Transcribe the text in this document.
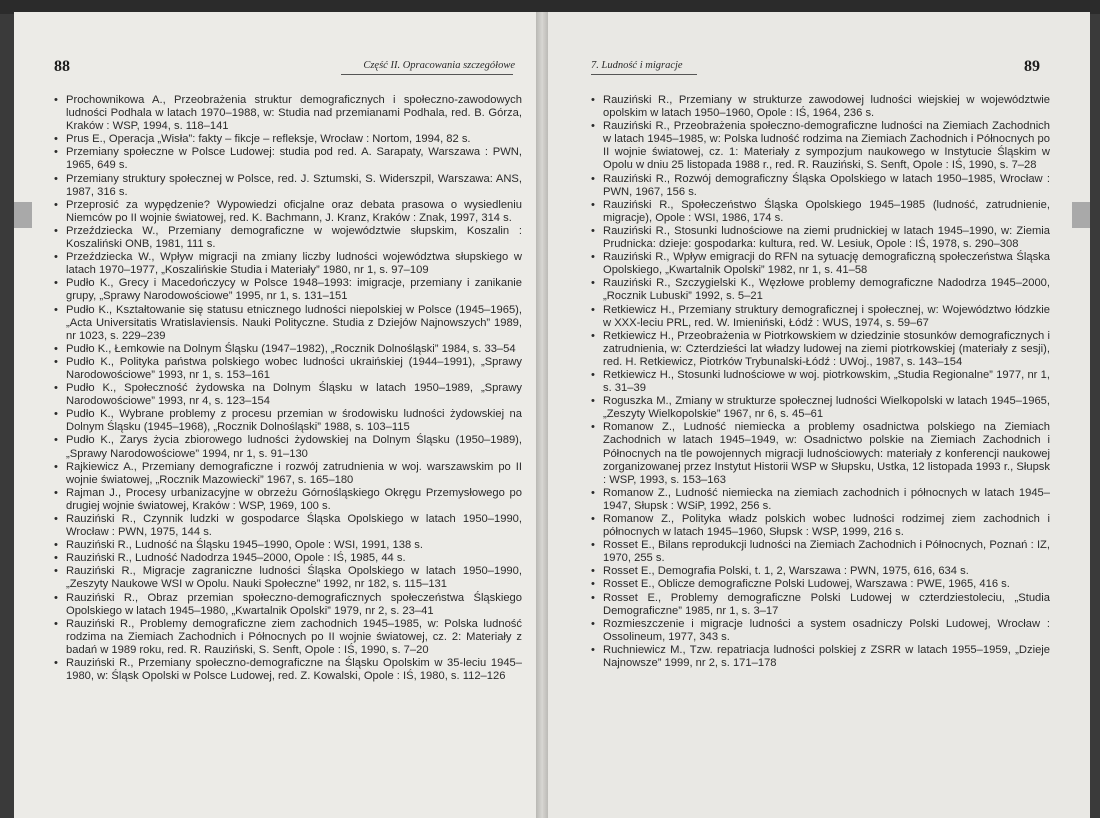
88	Część II. Opracowania szczegółowe
• Prochownikowa A., Przeobrażenia struktur demograficznych i społeczno-zawodowych ludności Podhala w latach 1970–1988, w: Studia nad przemianami Podhala, red. B. Górza, Kraków : WSP, 1994, s. 118–141
• Prus E., Operacja „Wisła”: fakty – fikcje – refleksje, Wrocław : Nortom, 1994, 82 s.
• Przemiany społeczne w Polsce Ludowej: studia pod red. A. Sarapaty, Warszawa : PWN, 1965, 649 s.
• Przemiany struktury społecznej w Polsce, red. J. Sztumski, S. Widerszpil, Warszawa: ANS, 1987, 316 s.
• Przeprosić za wypędzenie? Wypowiedzi oficjalne oraz debata prasowa o wysiedleniu Niemców po II wojnie światowej, red. K. Bachmann, J. Kranz, Kraków : Znak, 1997, 314 s.
• Przeździecka W., Przemiany demograficzne w województwie słupskim, Koszalin : Koszaliński ONB, 1981, 111 s.
• Przeździecka W., Wpływ migracji na zmiany liczby ludności województwa słupskiego w latach 1970–1977, „Koszalińskie Studia i Materiały” 1980, nr 1, s. 97–109
• Pudło K., Grecy i Macedończycy w Polsce 1948–1993: imigracje, przemiany i zanikanie grupy, „Sprawy Narodowościowe” 1995, nr 1, s. 131–151
• Pudło K., Kształtowanie się statusu etnicznego ludności niepolskiej w Polsce (1945–1965), „Acta Universitatis Wratislaviensis. Nauki Polityczne. Studia z Dziejów Najnowszych” 1989, nr 1023, s. 229–239
• Pudło K., Łemkowie na Dolnym Śląsku (1947–1982), „Rocznik Dolnośląski” 1984, s. 33–54
• Pudło K., Polityka państwa polskiego wobec ludności ukraińskiej (1944–1991), „Sprawy Narodowościowe” 1993, nr 1, s. 153–161
• Pudło K., Społeczność żydowska na Dolnym Śląsku w latach 1950–1989, „Sprawy Narodowościowe” 1993, nr 4, s. 123–154
• Pudło K., Wybrane problemy z procesu przemian w środowisku ludności żydowskiej na Dolnym Śląsku (1945–1968), „Rocznik Dolnośląski” 1988, s. 103–115
• Pudło K., Zarys życia zbiorowego ludności żydowskiej na Dolnym Śląsku (1950–1989), „Sprawy Narodowościowe” 1994, nr 1, s. 91–130
• Rajkiewicz A., Przemiany demograficzne i rozwój zatrudnienia w woj. warszawskim po II wojnie światowej, „Rocznik Mazowiecki” 1967, s. 165–180
• Rajman J., Procesy urbanizacyjne w obrzeżu Górnośląskiego Okręgu Przemysłowego po drugiej wojnie światowej, Kraków : WSP, 1969, 100 s.
• Rauziński R., Czynnik ludzki w gospodarce Śląska Opolskiego w latach 1950–1990, Wrocław : PWN, 1975, 144 s.
• Rauziński R., Ludność na Śląsku 1945–1990, Opole : WSI, 1991, 138 s.
• Rauziński R., Ludność Nadodrza 1945–2000, Opole : IŚ, 1985, 44 s.
• Rauziński R., Migracje zagraniczne ludności Śląska Opolskiego w latach 1950–1990, „Zeszyty Naukowe WSI w Opolu. Nauki Społeczne” 1992, nr 182, s. 115–131
• Rauziński R., Obraz przemian społeczno-demograficznych społeczeństwa Śląskiego Opolskiego w latach 1945–1980, „Kwartalnik Opolski” 1979, nr 2, s. 23–41
• Rauziński R., Problemy demograficzne ziem zachodnich 1945–1985, w: Polska ludność rodzima na Ziemiach Zachodnich i Północnych po II wojnie światowej, cz. 2: Materiały z badań w 1989 roku, red. R. Rauziński, S. Senft, Opole : IŚ, 1990, s. 7–20
• Rauziński R., Przemiany społeczno-demograficzne na Śląsku Opolskim w 35-leciu 1945–1980, w: Śląsk Opolski w Polsce Ludowej, red. Z. Kowalski, Opole : IŚ, 1980, s. 112–126
89
7. Ludność i migracje
• Rauziński R., Przemiany w strukturze zawodowej ludności wiejskiej w województwie opolskim w latach 1950–1960, Opole : IŚ, 1964, 236 s.
• Rauziński R., Przeobrażenia społeczno-demograficzne ludności na Ziemiach Zachodnich w latach 1945–1985, w: Polska ludność rodzima na Ziemiach Zachodnich i Północnych po II wojnie światowej, cz. 1: Materiały z sympozjum naukowego w Instytucie Śląskim w Opolu w dniu 25 listopada 1988 r., red. R. Rauziński, S. Senft, Opole : IŚ, 1990, s. 7–28
• Rauziński R., Rozwój demograficzny Śląska Opolskiego w latach 1950–1985, Wrocław : PWN, 1967, 156 s.
• Rauziński R., Społeczeństwo Śląska Opolskiego 1945–1985 (ludność, zatrudnienie, migracje), Opole : WSI, 1986, 174 s.
• Rauziński R., Stosunki ludnościowe na ziemi prudnickiej w latach 1945–1990, w: Ziemia Prudnicka: dzieje: gospodarka: kultura, red. W. Lesiuk, Opole : IŚ, 1978, s. 290–308
• Rauziński R., Wpływ emigracji do RFN na sytuację demograficzną społeczeństwa Śląska Opolskiego, „Kwartalnik Opolski” 1982, nr 1, s. 41–58
• Rauziński R., Szczygielski K., Węzłowe problemy demograficzne Nadodrza 1945–2000, „Rocznik Lubuski” 1992, s. 5–21
• Retkiewicz H., Przemiany struktury demograficznej i społecznej, w: Województwo łódzkie w XXX-leciu PRL, red. W. Imieniński, Łódź : WUS, 1974, s. 59–67
• Retkiewicz H., Przeobrażenia w Piotrkowskiem w dziedzinie stosunków demograficznych i zatrudnienia, w: Czterdzieści lat władzy ludowej na ziemi piotrkowskiej (materiały z sesji), red. H. Retkiewicz, Piotrków Trybunalski-Łódź : UWoj., 1987, s. 143–154
• Retkiewicz H., Stosunki ludnościowe w woj. piotrkowskim, „Studia Regionalne” 1977, nr 1, s. 31–39
• Roguszka M., Zmiany w strukturze społecznej ludności Wielkopolski w latach 1945–1965, „Zeszyty Wielkopolskie” 1967, nr 6, s. 45–61
• Romanow Z., Ludność niemiecka a problemy osadnictwa polskiego na Ziemiach Zachodnich w latach 1945–1949, w: Osadnictwo polskie na Ziemiach Zachodnich i Północnych na tle powojennych migracji ludnościowych: materiały z konferencji naukowej zorganizowanej przez Instytut Historii WSP w Słupsku, Ustka, 12 listopada 1993 r., Słupsk : WSP, 1993, s. 153–163
• Romanow Z., Ludność niemiecka na ziemiach zachodnich i północnych w latach 1945–1947, Słupsk : WSiP, 1992, 256 s.
• Romanow Z., Polityka władz polskich wobec ludności rodzimej ziem zachodnich i północnych w latach 1945–1960, Słupsk : WSP, 1999, 216 s.
• Rosset E., Bilans reprodukcji ludności na Ziemiach Zachodnich i Północnych, Poznań : IZ, 1970, 255 s.
• Rosset E., Demografia Polski, t. 1, 2, Warszawa : PWN, 1975, 616, 634 s.
• Rosset E., Oblicze demograficzne Polski Ludowej, Warszawa : PWE, 1965, 416 s.
• Rosset E., Problemy demograficzne Polski Ludowej w czterdziestoleciu, „Studia Demograficzne” 1985, nr 1, s. 3–17
• Rozmieszczenie i migracje ludności a system osadniczy Polski Ludowej, Wrocław : Ossolineum, 1977, 343 s.
• Ruchniewicz M., Tzw. repatriacja ludności polskiej z ZSRR w latach 1955–1959, „Dzieje Najnowsze” 1999, nr 2, s. 171–178
